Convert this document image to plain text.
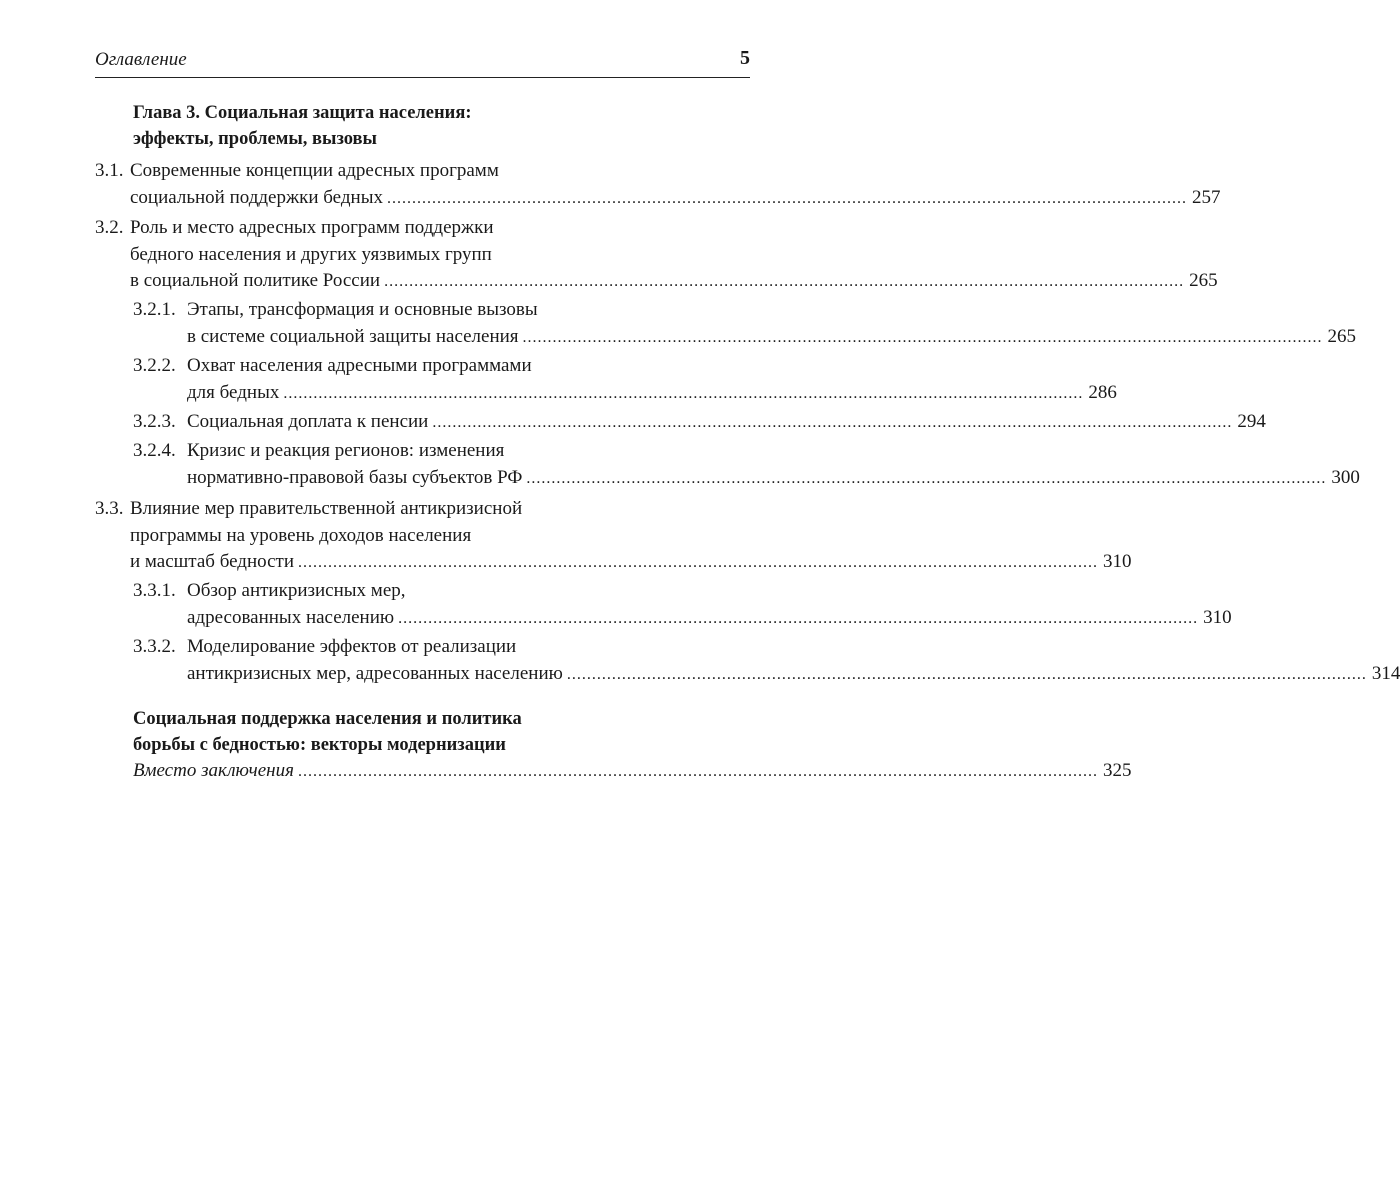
Оглавление	5
Глава 3. Социальная защита населения:
эффекты, проблемы, вызовы
3.1. Современные концепции адресных программ
социальной поддержки бедных ................................................................................................................................................................ 257
3.2. Роль и место адресных программ поддержки
бедного населения и других уязвимых групп
в социальной политике России ................................................................................................................................................................ 265
3.2.1. Этапы, трансформация и основные вызовы
в системе социальной защиты населения ................................................................................................................................................................ 265
3.2.2. Охват населения адресными программами
для бедных ................................................................................................................................................................ 286
3.2.3. Социальная доплата к пенсии ................................................................................................................................................................ 294
3.2.4. Кризис и реакция регионов: изменения
нормативно-правовой базы субъектов РФ ................................................................................................................................................................ 300
3.3. Влияние мер правительственной антикризисной
программы на уровень доходов населения
и масштаб бедности ................................................................................................................................................................ 310
3.3.1. Обзор антикризисных мер,
адресованных населению ................................................................................................................................................................ 310
3.3.2. Моделирование эффектов от реализации
антикризисных мер, адресованных населению ................................................................................................................................................................ 314
Социальная поддержка населения и политика
борьбы с бедностью: векторы модернизации
Вместо заключения ................................................................................................................................................................ 325
